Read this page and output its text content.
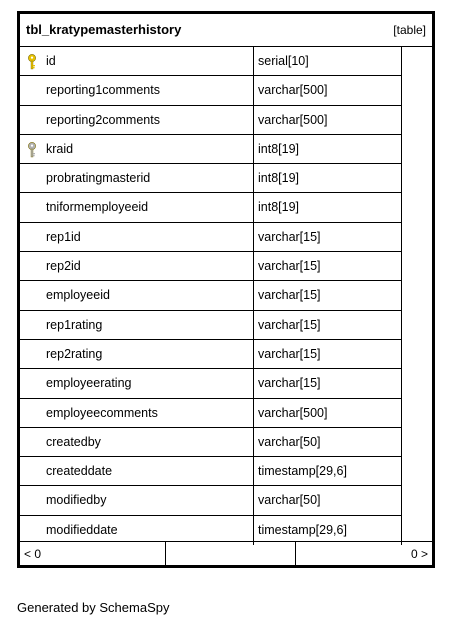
tbl_kratypemasterhistory	[table]
id	serial[10]
reporting1comments	varchar[500]
reporting2comments	varchar[500]
kraid	int8[19]
probratingmasterid	int8[19]
tniformemployeeid	int8[19]
rep1id	varchar[15]
rep2id	varchar[15]
employeeid	varchar[15]
rep1rating	varchar[15]
rep2rating	varchar[15]
employeerating	varchar[15]
employeecomments	varchar[500]
createdby	varchar[50]
createddate	timestamp[29,6]
modifiedby	varchar[50]
modifieddate	timestamp[29,6]
< 0	0 >
Generated by SchemaSpy
